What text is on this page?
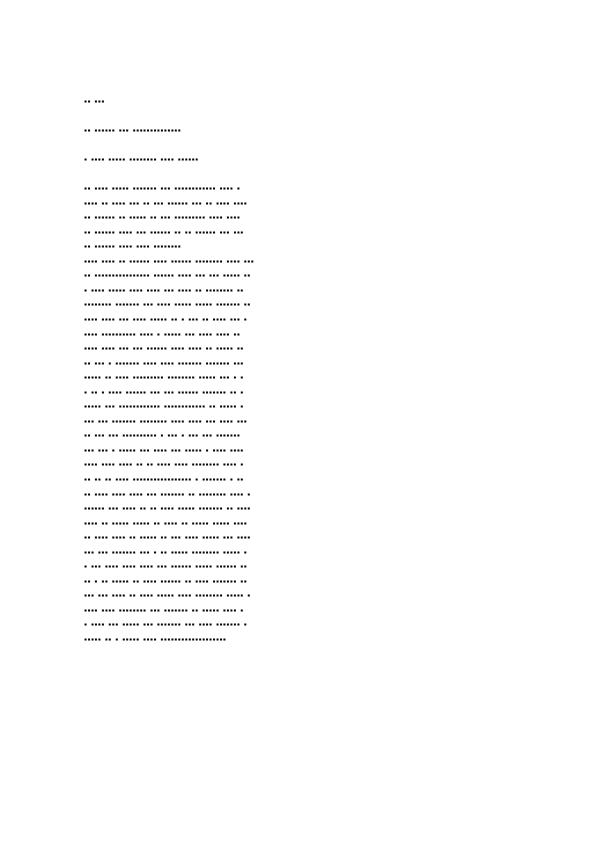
▪▪ ▪▪▪
▪▪ ▪▪▪▪▪▪ ▪▪▪ ▪▪▪▪▪▪▪▪▪▪▪▪▪▪
▪ ▪▪▪▪ ▪▪▪▪▪ ▪▪▪▪▪▪▪▪ ▪▪▪▪ ▪▪▪▪▪▪
▪▪ ▪▪▪▪ ▪▪▪▪▪ ▪▪▪▪▪▪▪ ▪▪▪ ▪▪▪▪▪▪▪▪▪▪▪▪ ▪▪▪▪ ▪
▪▪▪▪ ▪▪ ▪▪▪▪ ▪▪▪ ▪▪ ▪▪▪ ▪▪▪▪▪▪ ▪▪▪ ▪▪ ▪▪▪▪ ▪▪▪▪
▪▪ ▪▪▪▪▪▪ ▪▪ ▪▪▪▪▪ ▪▪ ▪▪▪ ▪▪▪▪▪▪▪▪▪ ▪▪▪▪ ▪▪▪▪
▪▪ ▪▪▪▪▪▪ ▪▪▪▪ ▪▪▪ ▪▪▪▪▪▪ ▪▪ ▪▪ ▪▪▪▪▪▪ ▪▪▪ ▪▪▪
▪▪ ▪▪▪▪▪▪ ▪▪▪▪ ▪▪▪▪ ▪▪▪▪▪▪▪▪
▪▪▪▪ ▪▪▪▪ ▪▪ ▪▪▪▪▪▪ ▪▪▪▪ ▪▪▪▪▪▪ ▪▪▪▪▪▪▪▪ ▪▪▪▪ ▪▪▪
▪▪ ▪▪▪▪▪▪▪▪▪▪▪▪▪▪▪▪ ▪▪▪▪▪▪ ▪▪▪▪ ▪▪▪ ▪▪▪ ▪▪▪▪▪ ▪▪
▪ ▪▪▪▪ ▪▪▪▪▪ ▪▪▪▪ ▪▪▪▪ ▪▪▪ ▪▪▪▪ ▪▪ ▪▪▪▪▪▪▪▪ ▪▪
▪▪▪▪▪▪▪▪ ▪▪▪▪▪▪▪ ▪▪▪ ▪▪▪▪ ▪▪▪▪▪ ▪▪▪▪▪ ▪▪▪▪▪▪▪ ▪▪
▪▪▪▪ ▪▪▪▪ ▪▪▪ ▪▪▪▪ ▪▪▪▪▪ ▪▪ ▪ ▪▪▪ ▪▪ ▪▪▪▪ ▪▪▪ ▪
▪▪▪▪ ▪▪▪▪▪▪▪▪▪▪ ▪▪▪▪ ▪ ▪▪▪▪▪ ▪▪▪ ▪▪▪▪ ▪▪▪▪ ▪▪
▪▪▪▪ ▪▪▪▪ ▪▪▪ ▪▪▪ ▪▪▪▪▪▪ ▪▪▪▪ ▪▪▪▪ ▪▪ ▪▪▪▪▪ ▪▪
▪▪ ▪▪▪ ▪ ▪▪▪▪▪▪▪ ▪▪▪▪ ▪▪▪▪ ▪▪▪▪▪▪▪ ▪▪▪▪▪▪▪ ▪▪▪
▪▪▪▪▪ ▪▪ ▪▪▪▪ ▪▪▪▪▪▪▪▪▪ ▪▪▪▪▪▪▪▪ ▪▪▪▪▪ ▪▪▪ ▪ ▪
▪ ▪▪ ▪ ▪▪▪▪ ▪▪▪▪▪▪ ▪▪▪ ▪▪▪ ▪▪▪▪▪▪ ▪▪▪▪▪▪▪ ▪▪ ▪
▪▪▪▪▪ ▪▪▪ ▪▪▪▪▪▪▪▪▪▪▪▪ ▪▪▪▪▪▪▪▪▪▪▪▪ ▪▪ ▪▪▪▪▪ ▪
▪▪▪ ▪▪▪ ▪▪▪▪▪▪▪ ▪▪▪▪▪▪▪▪ ▪▪▪▪ ▪▪▪▪ ▪▪▪ ▪▪▪▪ ▪▪▪
▪▪ ▪▪▪ ▪▪▪ ▪▪▪▪▪▪▪▪▪▪ ▪ ▪▪▪ ▪ ▪▪▪ ▪▪▪ ▪▪▪▪▪▪▪
▪▪▪ ▪▪▪ ▪ ▪▪▪▪▪ ▪▪▪ ▪▪▪▪ ▪▪▪ ▪▪▪▪▪ ▪ ▪▪▪▪ ▪▪▪▪
▪▪▪▪ ▪▪▪▪ ▪▪▪▪ ▪▪ ▪▪ ▪▪▪▪ ▪▪▪▪ ▪▪▪▪▪▪▪▪ ▪▪▪▪ ▪
▪▪ ▪▪ ▪▪ ▪▪▪▪ ▪▪▪▪▪▪▪▪▪▪▪▪▪▪▪▪▪ ▪ ▪▪▪▪▪▪▪ ▪ ▪▪
▪▪ ▪▪▪▪ ▪▪▪▪ ▪▪▪▪ ▪▪▪ ▪▪▪▪▪▪▪ ▪▪ ▪▪▪▪▪▪▪▪ ▪▪▪▪ ▪
▪▪▪▪▪▪ ▪▪▪ ▪▪▪▪ ▪▪ ▪▪ ▪▪▪▪ ▪▪▪▪▪ ▪▪▪▪▪▪▪ ▪▪ ▪▪▪▪
▪▪▪▪ ▪▪ ▪▪▪▪▪ ▪▪▪▪▪ ▪▪ ▪▪▪▪ ▪▪ ▪▪▪▪▪ ▪▪▪▪▪ ▪▪▪▪
▪▪ ▪▪▪▪ ▪▪▪▪ ▪▪ ▪▪▪▪▪ ▪▪ ▪▪▪ ▪▪▪▪ ▪▪▪▪▪ ▪▪▪ ▪▪▪▪
▪▪▪ ▪▪▪ ▪▪▪▪▪▪▪ ▪▪▪ ▪ ▪▪ ▪▪▪▪▪ ▪▪▪▪▪▪▪▪ ▪▪▪▪▪ ▪
▪ ▪▪▪ ▪▪▪▪ ▪▪▪▪ ▪▪▪▪ ▪▪▪ ▪▪▪▪▪▪ ▪▪▪▪▪ ▪▪▪▪▪▪ ▪▪
▪▪ ▪ ▪▪ ▪▪▪▪▪ ▪▪ ▪▪▪▪ ▪▪▪▪▪▪ ▪▪ ▪▪▪▪ ▪▪▪▪▪▪▪ ▪▪
▪▪▪ ▪▪▪ ▪▪▪▪ ▪▪ ▪▪▪▪ ▪▪▪▪▪ ▪▪▪▪ ▪▪▪▪▪▪▪▪ ▪▪▪▪▪ ▪
▪▪▪▪ ▪▪▪▪ ▪▪▪▪▪▪▪▪ ▪▪▪ ▪▪▪▪▪▪▪ ▪▪ ▪▪▪▪▪ ▪▪▪▪ ▪
▪ ▪▪▪▪ ▪▪▪ ▪▪▪▪▪ ▪▪▪ ▪▪▪▪▪▪▪ ▪▪▪ ▪▪▪▪ ▪▪▪▪▪▪▪ ▪
▪▪▪▪▪ ▪▪ ▪ ▪▪▪▪▪ ▪▪▪▪ ▪▪▪▪▪▪▪▪▪▪▪▪▪▪▪▪▪▪▪
